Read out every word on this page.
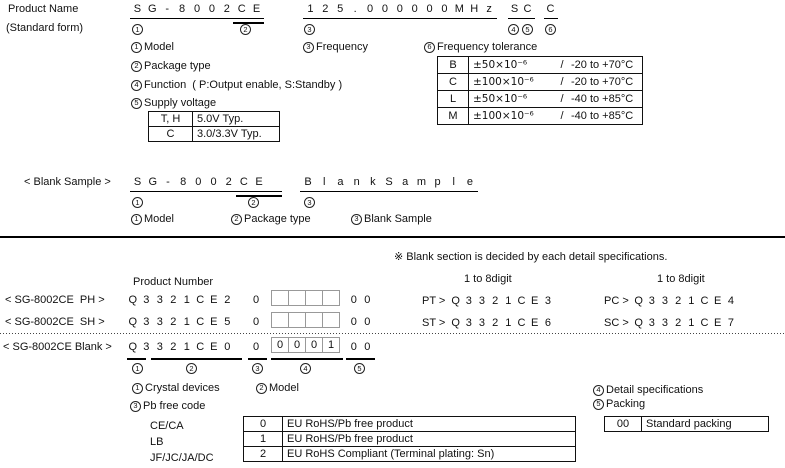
Product Name
(Standard form)
S G - 8 0 0 2 C E	1 2 5 . 0 0 0 0 0 0 M H z	S C C
1	2	3	4	5	6
1 Model	3 Frequency	6 Frequency tolerance
2 Package type
4 Function  ( P:Output enable, S:Standby )
5 Supply voltage
T, H	5.0V Typ.
C	3.0/3.3V Typ.
B	±50×10⁻⁶ / -20 to +70°C

C	±100×10⁻⁶ / -20 to +70°C

L	±50×10⁻⁶ / -40 to +85°C

M	±100×10⁻⁶ / -40 to +85°C
< Blank Sample >	S G - 8 0 0 2 C E	B	l	a n k S a m p	l	e
1	2	3
1 Model	2 Package type	3 Blank Sample
Product Number
※ Blank section is decided by each detail specifications.
1 to 8digit	1 to 8digit
< SG-8002CE  PH > Q 3 3 2 1 C E 2	0	0 0
< SG-8002CE  SH > Q 3 3 2 1 C E 5	0	0 0
< SG-8002CE Blank > Q 3 3 2 1 C E 0	0	0 0 0 1	0 0
PT > Q 3 3 2 1 C E 3	PC > Q 3 3 2 1 C E 4
ST > Q 3 3 2 1 C E 6	SC > Q 3 3 2 1 C E 7
1	2	3	4	5
1 Crystal devices	2 Model
3 Pb free code
4 Detail specifications
5 Packing
CE/CA
LB
JF/JC/JA/DC
0	EU RoHS/Pb free product
1	EU RoHS/Pb free product
2	EU RoHS Compliant (Terminal plating: Sn)
00	Standard packing
